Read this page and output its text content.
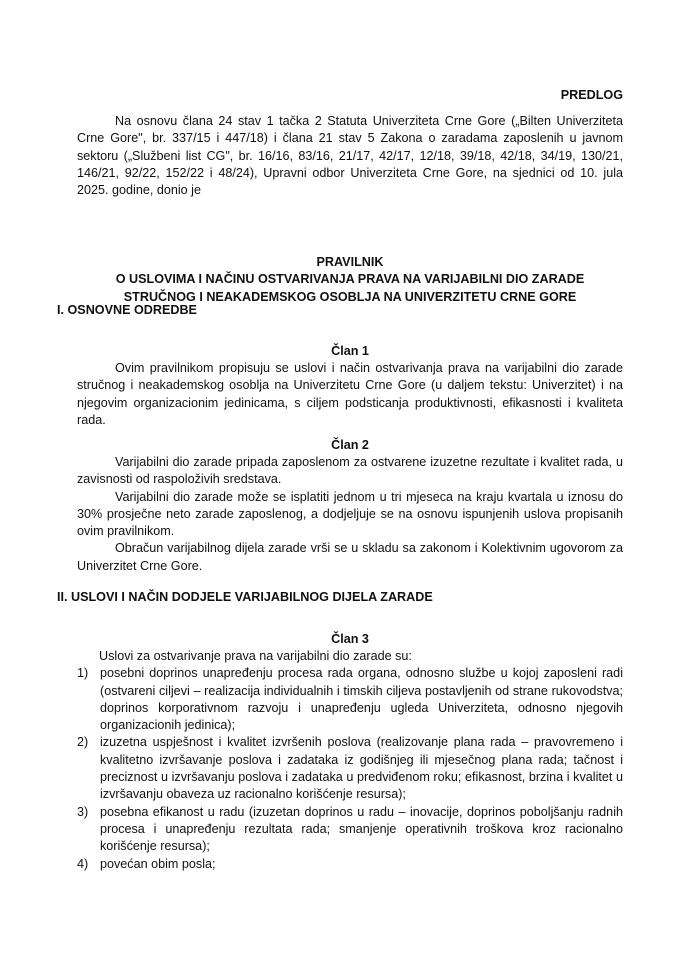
PREDLOG

Na osnovu člana 24 stav 1 tačka 2 Statuta Univerziteta Crne Gore („Bilten Univerziteta Crne Gore", br. 337/15 i 447/18) i člana 21 stav 5 Zakona o zaradama zaposlenih u javnom sektoru („Službeni list CG", br. 16/16, 83/16, 21/17, 42/17, 12/18, 39/18, 42/18, 34/19, 130/21, 146/21, 92/22, 152/22 i 48/24), Upravni odbor Univerziteta Crne Gore, na sjednici od 10. jula 2025. godine, donio je

PRAVILNIK
O USLOVIMA I NAČINU OSTVARIVANJA PRAVA NA VARIJABILNI DIO ZARADE
STRUČNOG I NEAKADEMSKOG OSOBLJA NA UNIVERZITETU CRNE GORE
I. OSNOVNE ODREDBE
Član 1

Ovim pravilnikom propisuju se uslovi i način ostvarivanja prava na varijabilni dio zarade stručnog i neakademskog osoblja na Univerzitetu Crne Gore (u daljem tekstu: Univerzitet) i na njegovim organizacionim jedinicama, s ciljem podsticanja produktivnosti, efikasnosti i kvaliteta rada.

Član 2

Varijabilni dio zarade pripada zaposlenom za ostvarene izuzetne rezultate i kvalitet rada, u zavisnosti od raspoloživih sredstava.

Varijabilni dio zarade može se isplatiti jednom u tri mjeseca na kraju kvartala u iznosu do 30% prosječne neto zarade zaposlenog, a dodjeljuje se na osnovu ispunjenih uslova propisanih ovim pravilnikom.

Obračun varijabilnog dijela zarade vrši se u skladu sa zakonom i Kolektivnim ugovorom za Univerzitet Crne Gore.

II. USLOVI I NAČIN DODJELE VARIJABILNOG DIJELA ZARADE
Član 3

Uslovi za ostvarivanje prava na varijabilni dio zarade su:

1) posebni doprinos unapređenju procesa rada organa, odnosno službe u kojoj zaposleni radi (ostvareni ciljevi – realizacija individualnih i timskih ciljeva postavljenih od strane rukovodstva; doprinos korporativnom razvoju i unapređenju ugleda Univerziteta, odnosno njegovih organizacionih jedinica);
2) izuzetna uspješnost i kvalitet izvršenih poslova (realizovanje plana rada – pravovremeno i kvalitetno izvršavanje poslova i zadataka iz godišnjeg ili mjesečnog plana rada; tačnost i preciznost u izvršavanju poslova i zadataka u predviđenom roku; efikasnost, brzina i kvalitet u izvršavanju obaveza uz racionalno korišćenje resursa);
3) posebna efikanost u radu (izuzetan doprinos u radu – inovacije, doprinos poboljšanju radnih procesa i unapređenju rezultata rada; smanjenje operativnih troškova kroz racionalno korišćenje resursa);
4) povećan obim posla;
